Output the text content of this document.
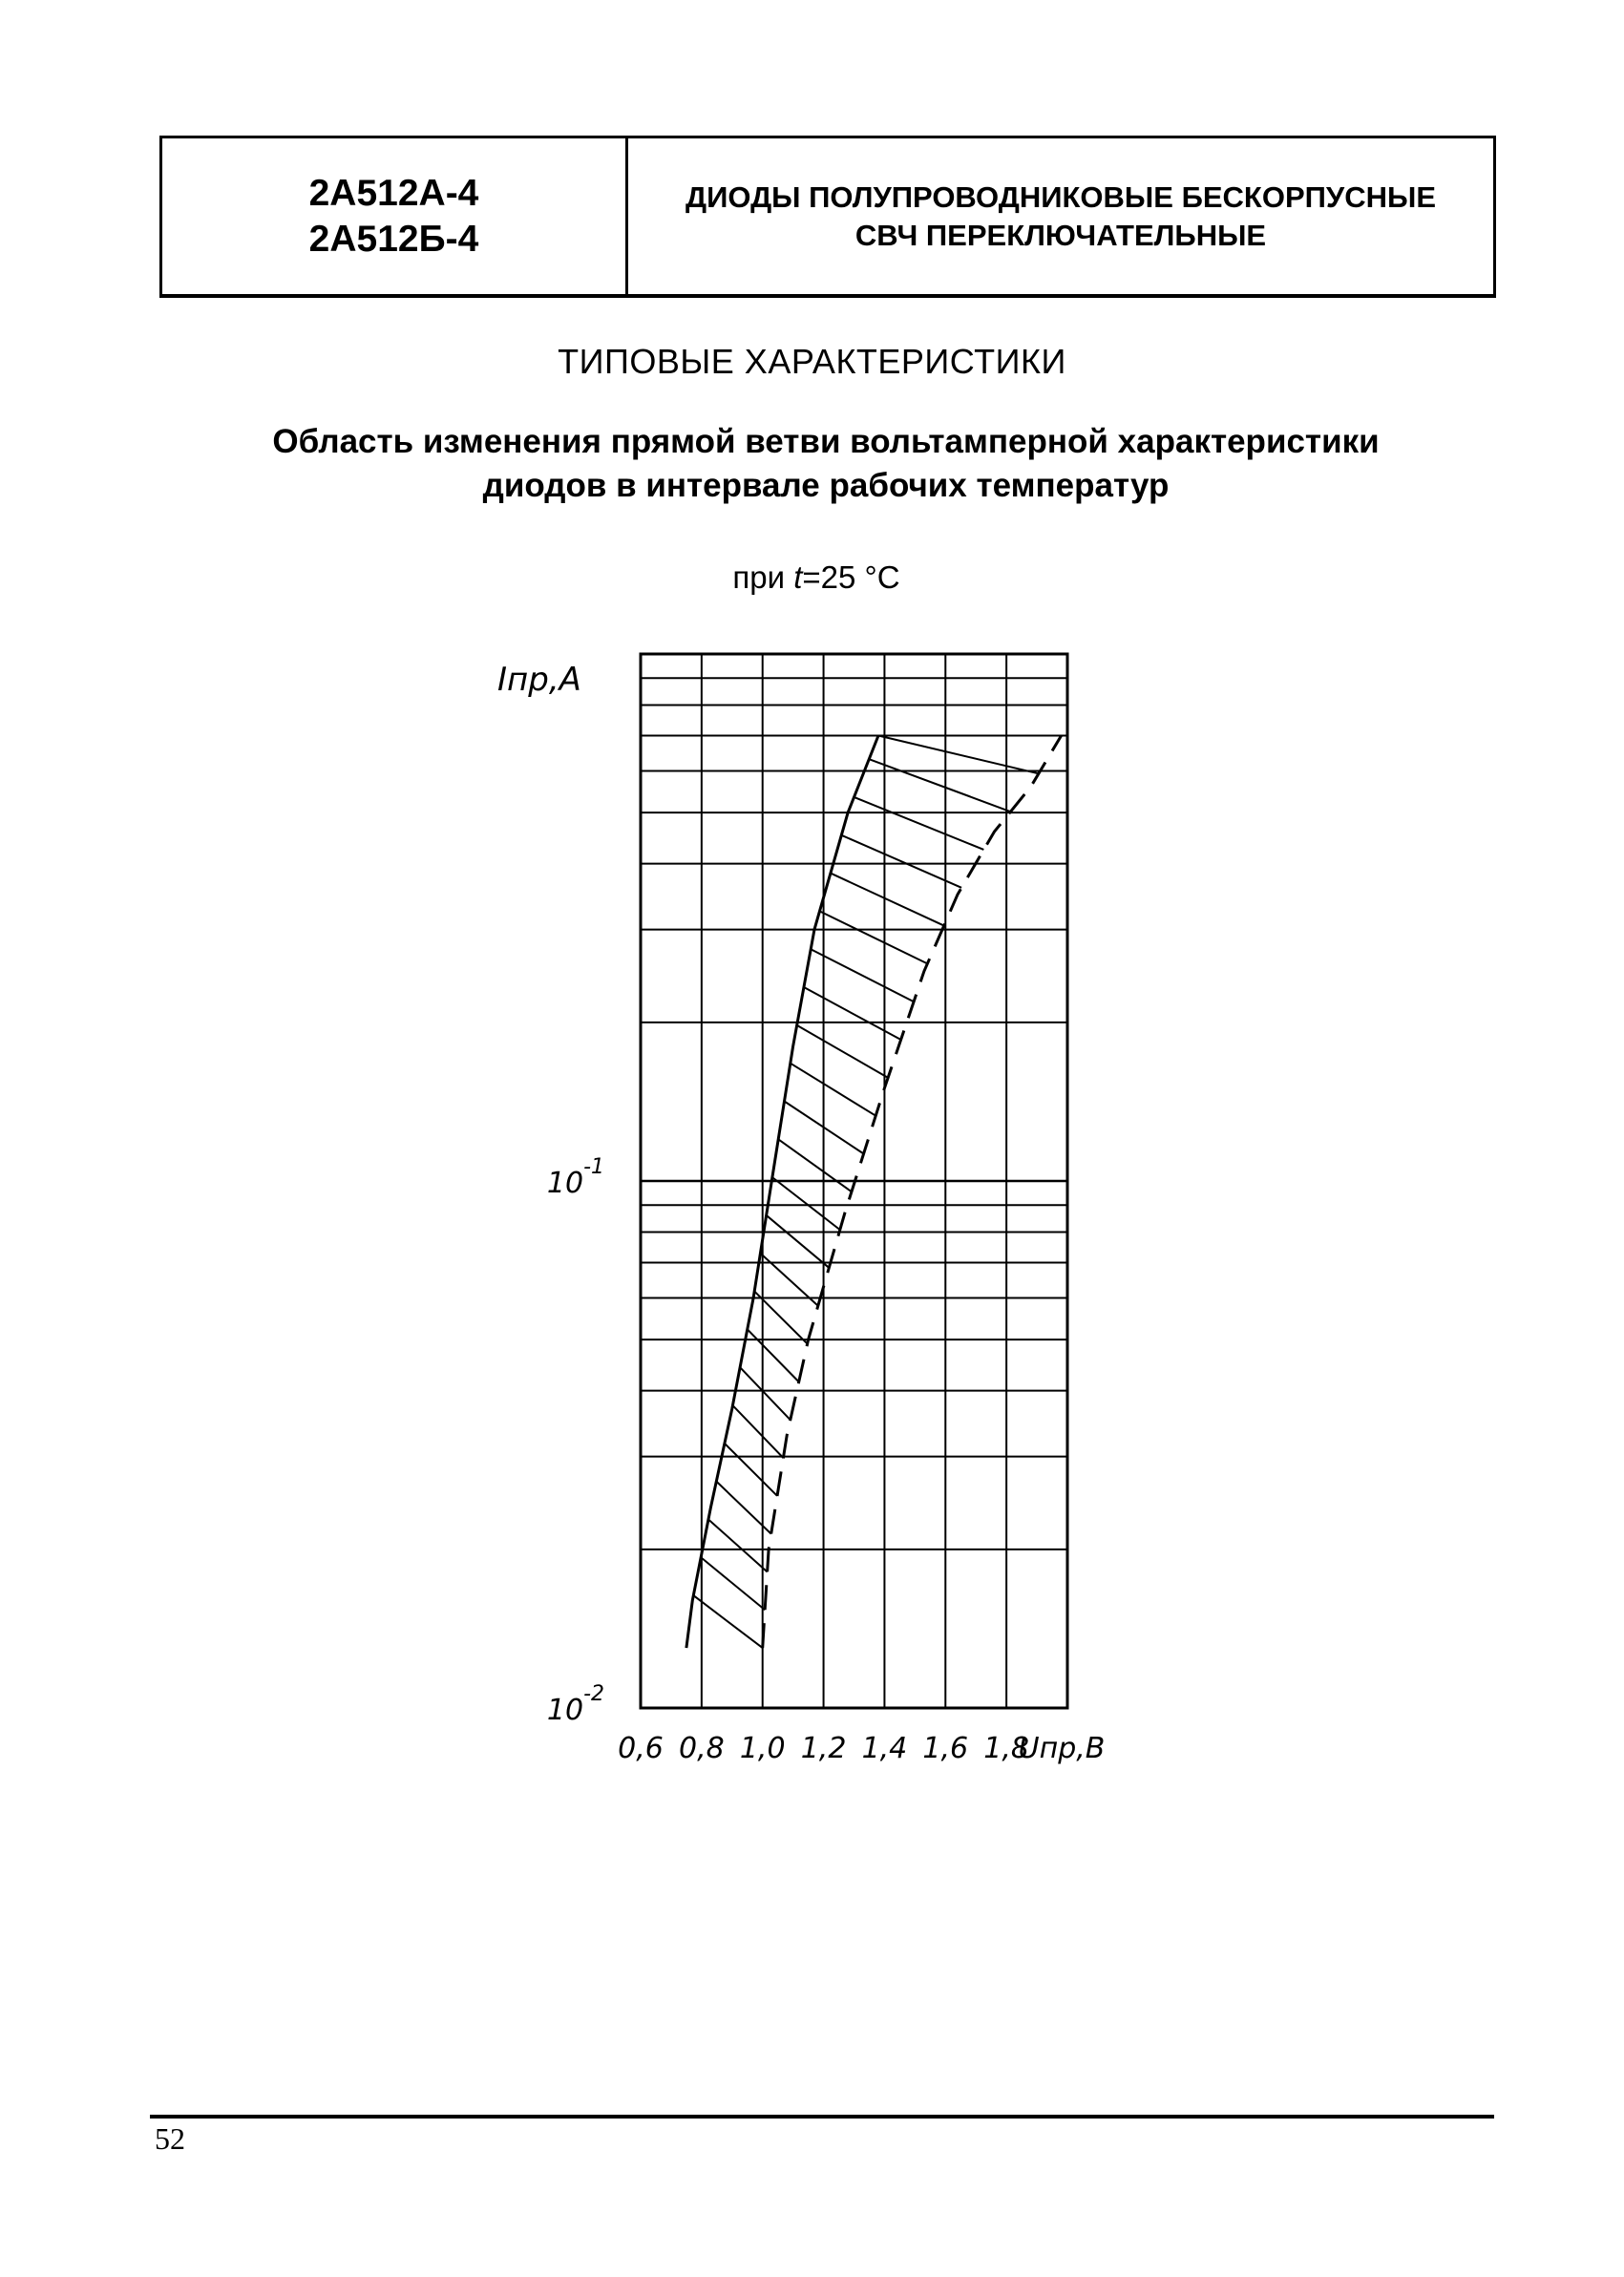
2А512А-4
2А512Б-4
ДИОДЫ ПОЛУПРОВОДНИКОВЫЕ БЕСКОРПУСНЫЕ
СВЧ ПЕРЕКЛЮЧАТЕЛЬНЫЕ
ТИПОВЫЕ ХАРАКТЕРИСТИКИ
Область изменения прямой ветви вольтамперной характеристики
диодов в интервале рабочих температур
при t=25 °C
0,6 0,8 1,0 1,2 1,4 1,6 1,8
$10^{-1}$
$10^{-2}$
Iпр,A
Uпр,В
52
